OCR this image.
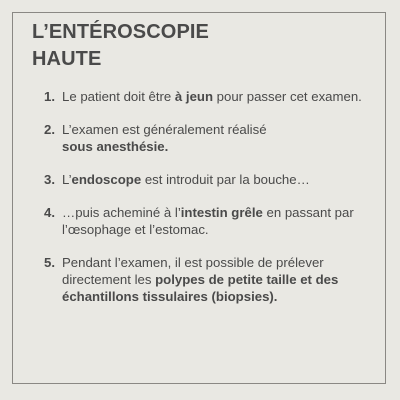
L’ENTÉROSCOPIE
HAUTE
1. Le patient doit être à jeun pour passer cet examen.
2. L’examen est généralement réalisé
sous anesthésie.
3. L’endoscope est introduit par la bouche…
4. …puis acheminé à l’intestin grêle en passant par l’œsophage et l’estomac.
5. Pendant l’examen, il est possible de prélever directement les polypes de petite taille et des échantillons tissulaires (biopsies).
